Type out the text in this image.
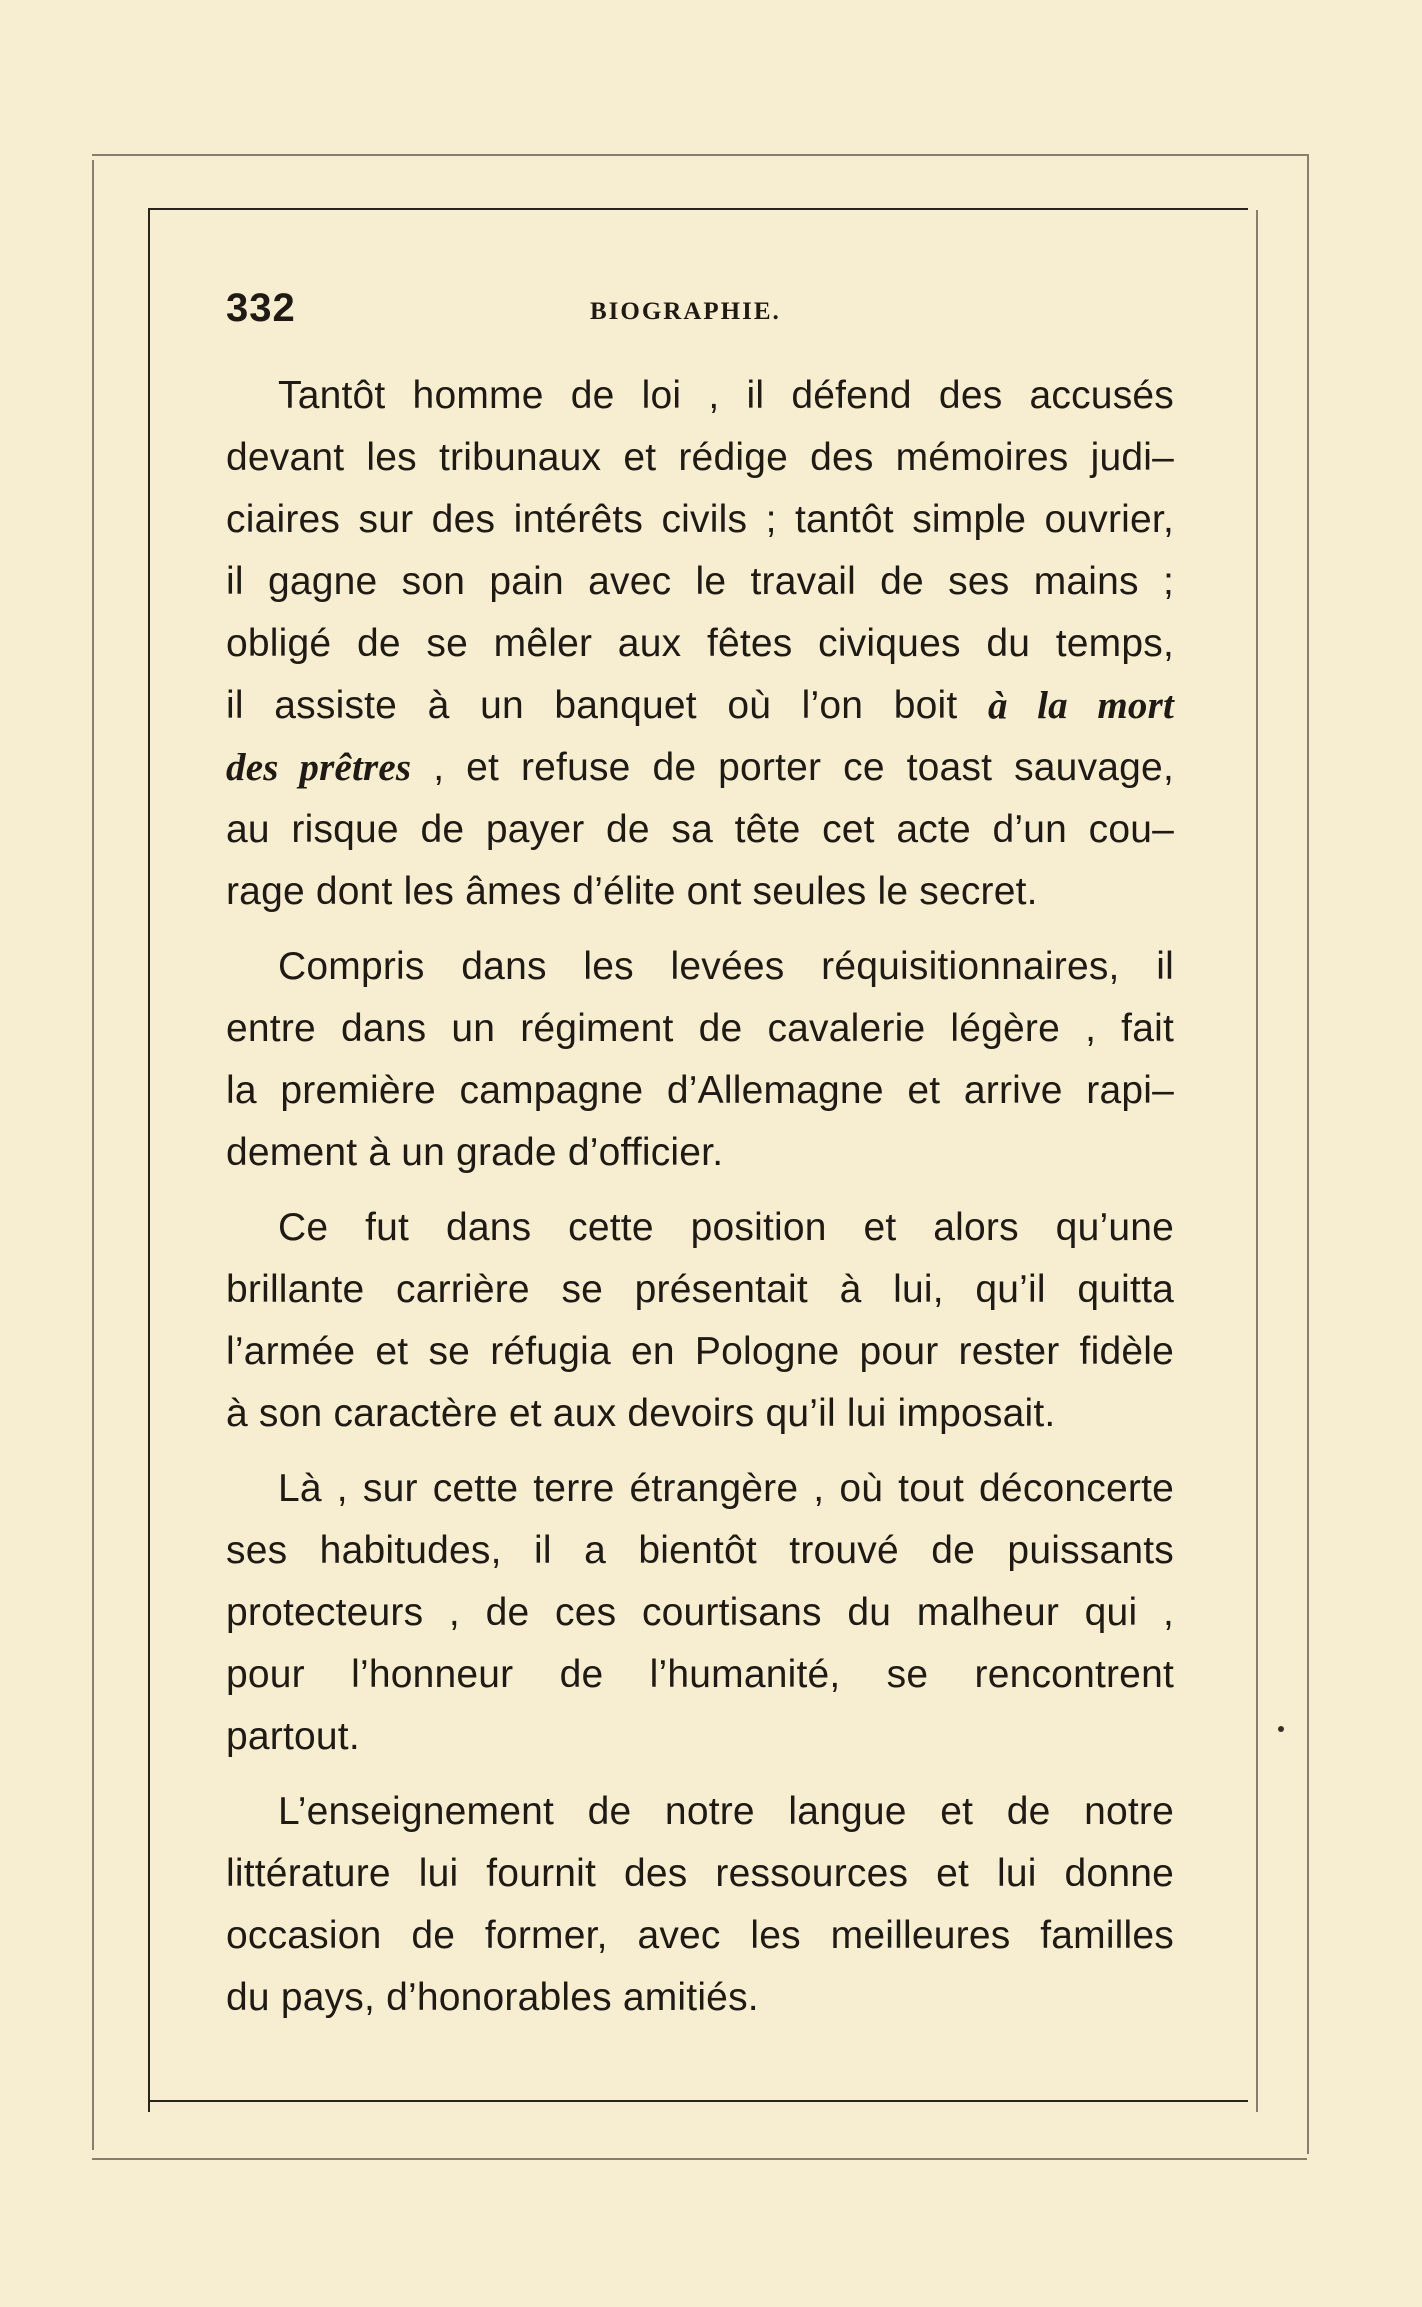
332	BIOGRAPHIE.
Tantôt homme de loi , il défend des accusés
devant les tribunaux et rédige des mémoires judi–
ciaires sur des intérêts civils ; tantôt simple ouvrier,
il gagne son pain avec le travail de ses mains ;
obligé de se mêler aux fêtes civiques du temps,
il assiste à un banquet où l’on boit à la mort
des prêtres , et refuse de porter ce toast sauvage,
au risque de payer de sa tête cet acte d’un cou–
rage dont les âmes d’élite ont seules le secret.
Compris dans les levées réquisitionnaires, il
entre dans un régiment de cavalerie légère , fait
la première campagne d’Allemagne et arrive rapi–
dement à un grade d’officier.
Ce fut dans cette position et alors qu’une
brillante carrière se présentait à lui, qu’il quitta
l’armée et se réfugia en Pologne pour rester fidèle
à son caractère et aux devoirs qu’il lui imposait.
Là , sur cette terre étrangère , où tout déconcerte
ses habitudes, il a bientôt trouvé de puissants
protecteurs , de ces courtisans du malheur qui ,
pour l’honneur de l’humanité, se rencontrent
partout.
L’enseignement de notre langue et de notre
littérature lui fournit des ressources et lui donne
occasion de former, avec les meilleures familles
du pays, d’honorables amitiés.
